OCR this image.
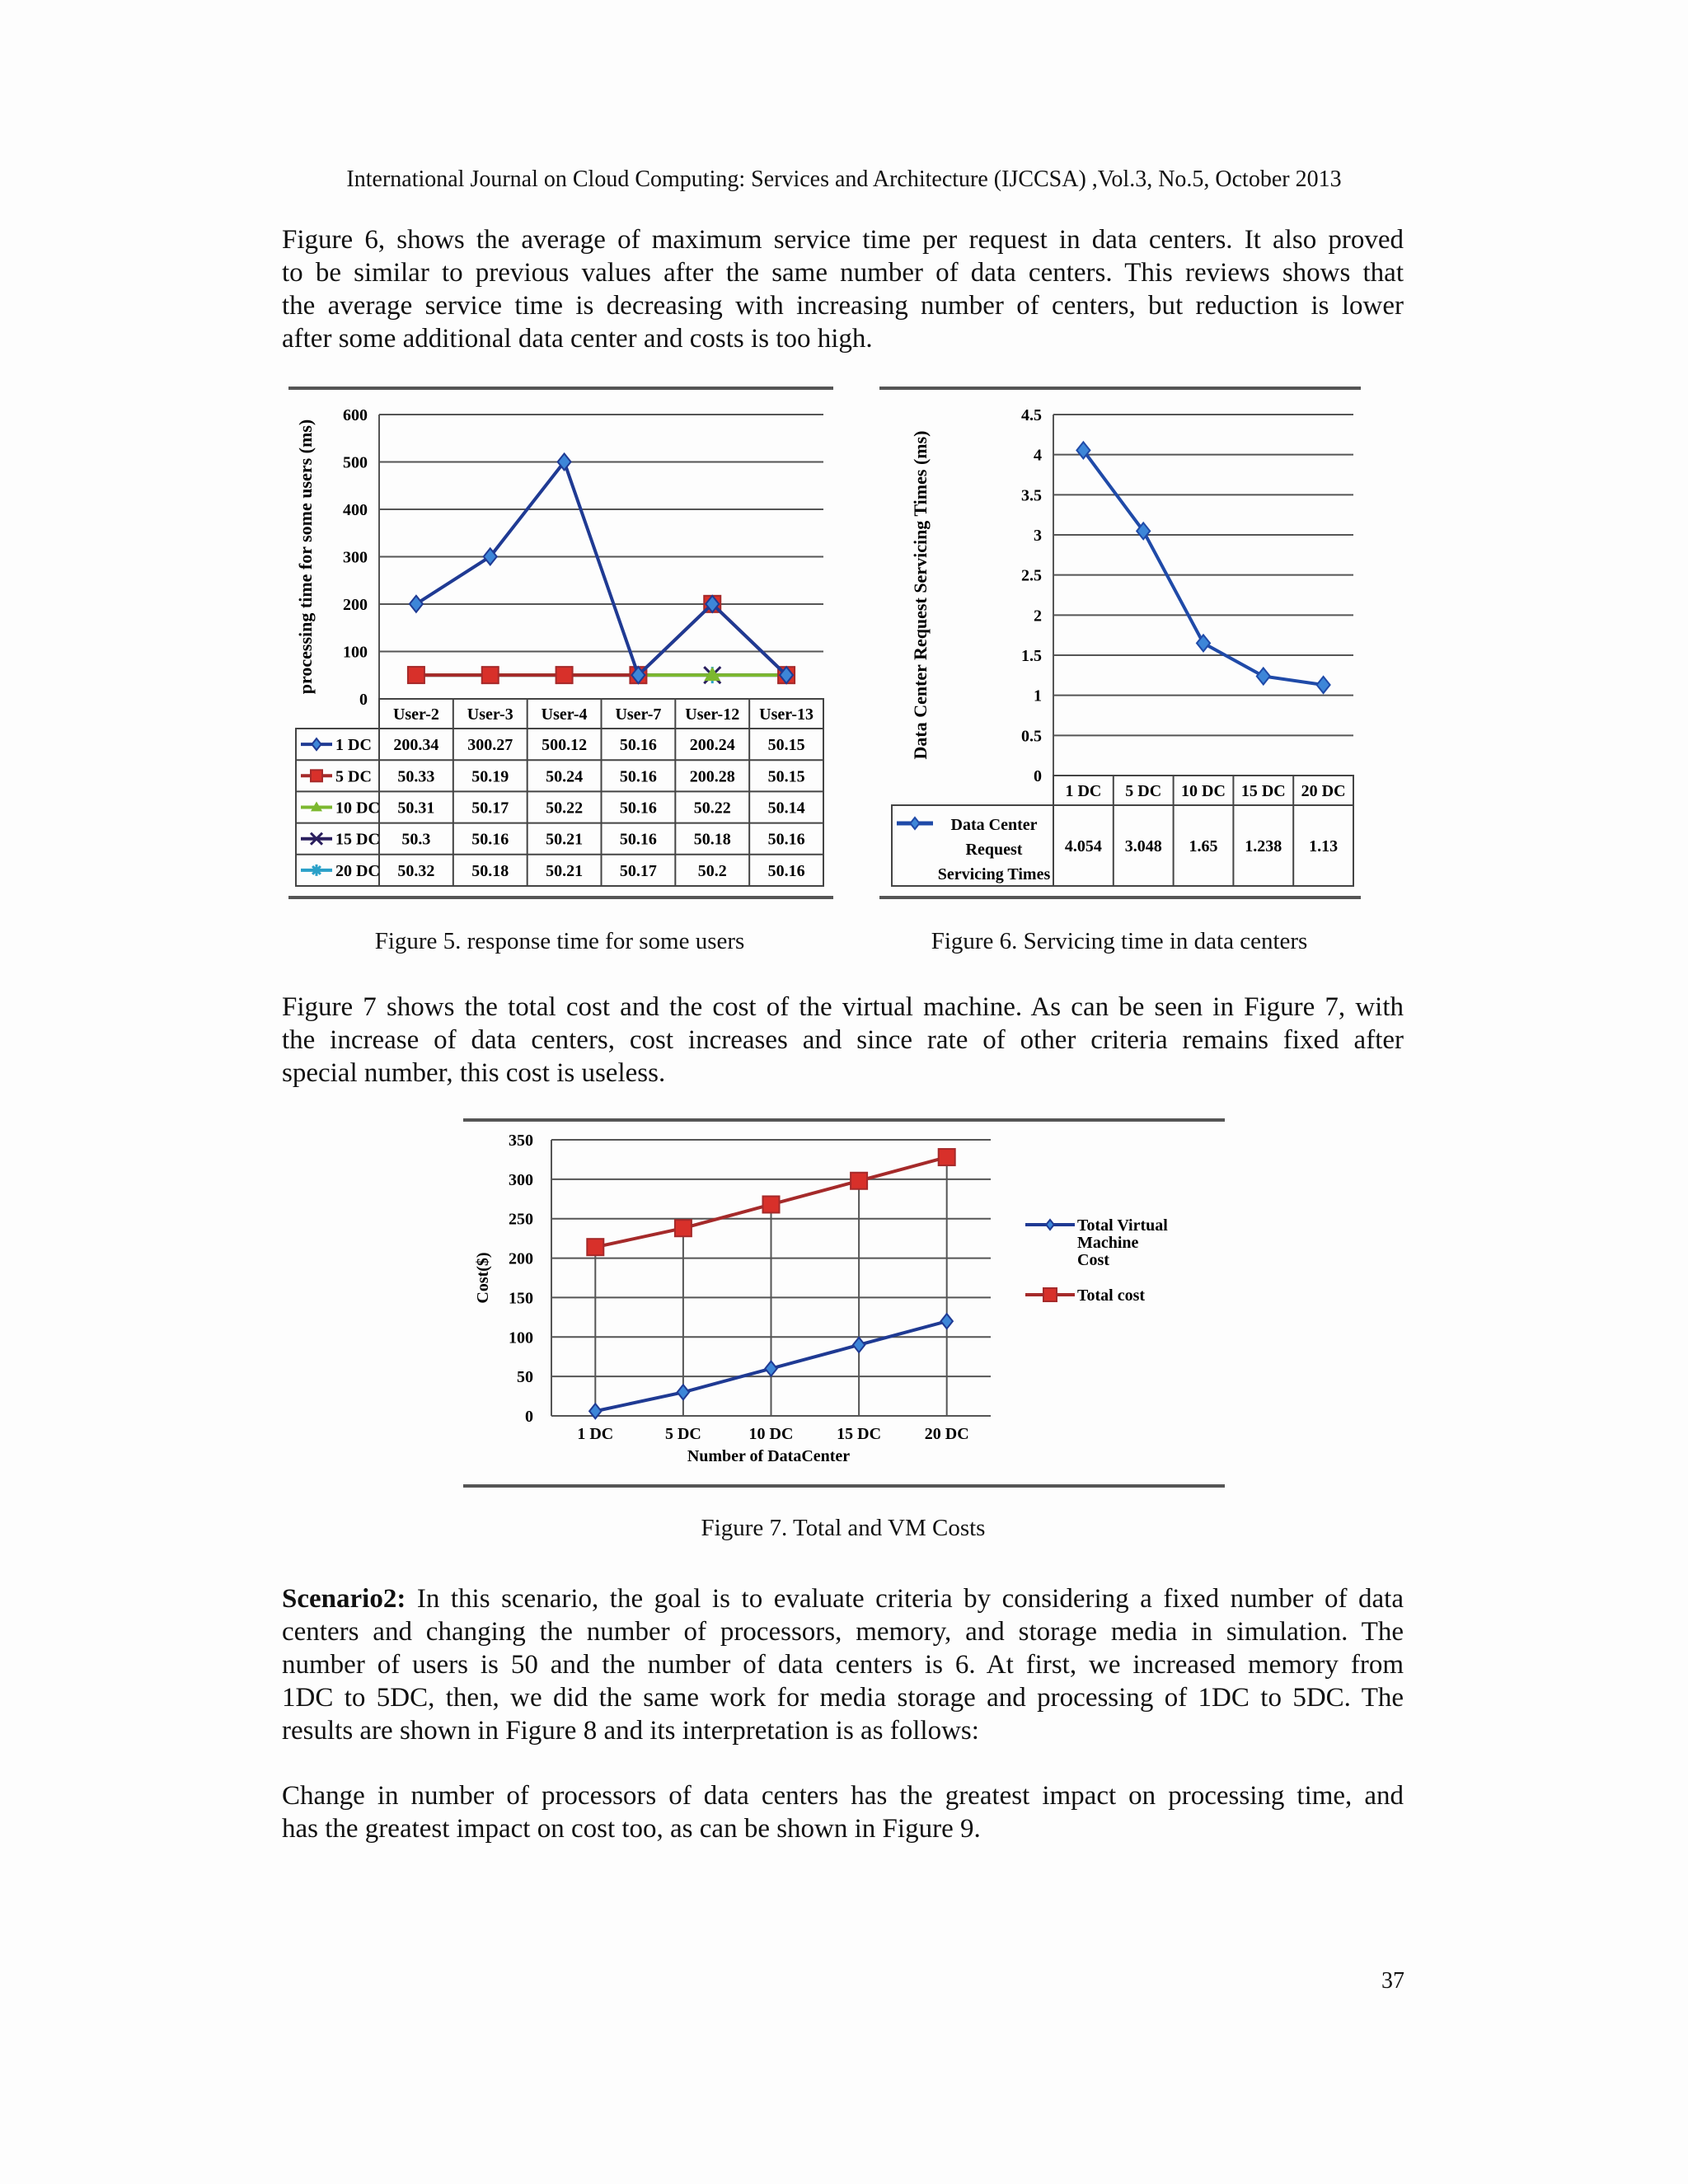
International Journal on Cloud Computing: Services and Architecture (IJCCSA) ,Vol.3, No.5, October 2013
Figure 6, shows the average of maximum service time per request in data centers. It also proved
to be similar to previous values after the same number of data centers. This reviews shows that
the average service time is decreasing with increasing number of centers, but reduction is lower
after some additional data center and costs is too high.
0
100
200
300
400
500
600
processing time for some users (ms)
User-2 User-3 User-4 User-7 User-12 User-13
1 DC 200.34 300.27 500.12 50.16 200.24 50.15
5 DC 50.33 50.19 50.24 50.16 200.28 50.15
10 DC 50.31 50.17 50.22 50.16 50.22 50.14
15 DC 50.3 50.16 50.21 50.16 50.18 50.16
20 DC 50.32 50.18 50.21 50.17 50.2 50.16
0
0.5
1
1.5
2
2.5
3
3.5
4
4.5
Data Center Request Servicing Times (ms)
1 DC 5 DC 10 DC 15 DC 20 DC
Data Center
Request
Servicing Times
4.054 3.048 1.65 1.238 1.13
Figure 5. response time for some users	Figure 6. Servicing time in data centers
Figure 7 shows the total cost and the cost of the virtual machine. As can be seen in Figure 7, with
the increase of data centers, cost increases and since rate of other criteria remains fixed after
special number, this cost is useless.
0
50
100
150
200
250
300
350
1 DC	5 DC	10 DC	15 DC	20 DC
Number of DataCenter
Cost($)
Total Virtual
Machine
Cost
Total cost
Figure 7. Total and VM Costs
Scenario2: In this scenario, the goal is to evaluate criteria by considering a fixed number of data
centers and changing the number of processors, memory, and storage media in simulation. The
number of users is 50 and the number of data centers is 6. At first, we increased memory from
1DC to 5DC, then, we did the same work for media storage and processing of 1DC to 5DC. The
results are shown in Figure 8 and its interpretation is as follows:
Change in number of processors of data centers has the greatest impact on processing time, and
has the greatest impact on cost too, as can be shown in Figure 9.
37
